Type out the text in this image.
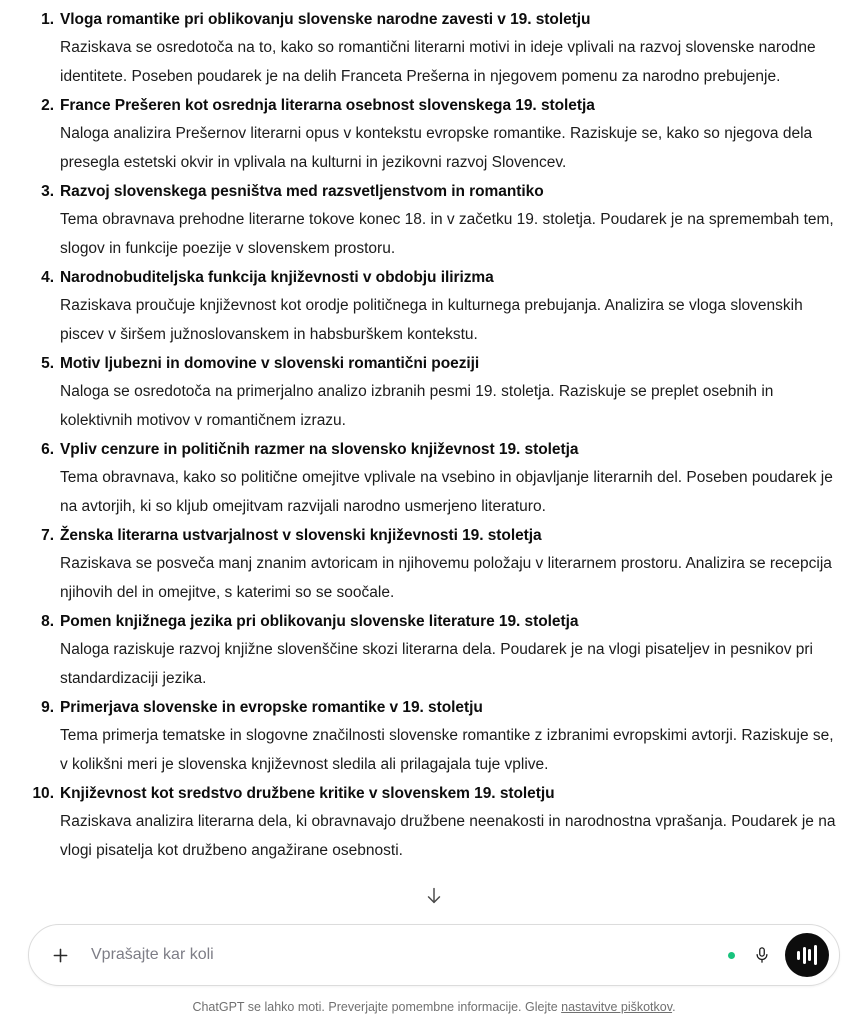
Vloga romantike pri oblikovanju slovenske narodne zavesti v 19. stoletju
Raziskava se osredotoča na to, kako so romantični literarni motivi in ideje vplivali na razvoj slovenske narodne identitete. Poseben poudarek je na delih Franceta Prešerna in njegovem pomenu za narodno prebujenje.
France Prešeren kot osrednja literarna osebnost slovenskega 19. stoletja
Naloga analizira Prešernov literarni opus v kontekstu evropske romantike. Raziskuje se, kako so njegova dela presegla estetski okvir in vplivala na kulturni in jezikovni razvoj Slovencev.
Razvoj slovenskega pesništva med razsvetljenstvom in romantiko
Tema obravnava prehodne literarne tokove konec 18. in v začetku 19. stoletja. Poudarek je na spremembah tem, slogov in funkcije poezije v slovenskem prostoru.
Narodnobuditeljska funkcija književnosti v obdobju ilirizma
Raziskava proučuje književnost kot orodje političnega in kulturnega prebujanja. Analizira se vloga slovenskih piscev v širšem južnoslovanskem in habsburškem kontekstu.
Motiv ljubezni in domovine v slovenski romantični poeziji
Naloga se osredotoča na primerjalno analizo izbranih pesmi 19. stoletja. Raziskuje se preplet osebnih in kolektivnih motivov v romantičnem izrazu.
Vpliv cenzure in političnih razmer na slovensko književnost 19. stoletja
Tema obravnava, kako so politične omejitve vplivale na vsebino in objavljanje literarnih del. Poseben poudarek je na avtorjih, ki so kljub omejitvam razvijali narodno usmerjeno literaturo.
Ženska literarna ustvarjalnost v slovenski književnosti 19. stoletja
Raziskava se posveča manj znanim avtoricam in njihovemu položaju v literarnem prostoru. Analizira se recepcija njihovih del in omejitve, s katerimi so se soočale.
Pomen knjižnega jezika pri oblikovanju slovenske literature 19. stoletja
Naloga raziskuje razvoj knjižne slovenščine skozi literarna dela. Poudarek je na vlogi pisateljev in pesnikov pri standardizaciji jezika.
Primerjava slovenske in evropske romantike v 19. stoletju
Tema primerja tematske in slogovne značilnosti slovenske romantike z izbranimi evropskimi avtorji. Raziskuje se, v kolikšni meri je slovenska književnost sledila ali prilagajala tuje vplive.
Književnost kot sredstvo družbene kritike v slovenskem 19. stoletju
Raziskava analizira literarna dela, ki obravnavajo družbene neenakosti in narodnostna vprašanja. Poudarek je na vlogi pisatelja kot družbeno angažirane osebnosti.
Vprašajte kar koli
ChatGPT se lahko moti. Preverjajte pomembne informacije. Glejte nastavitve piškotkov.
